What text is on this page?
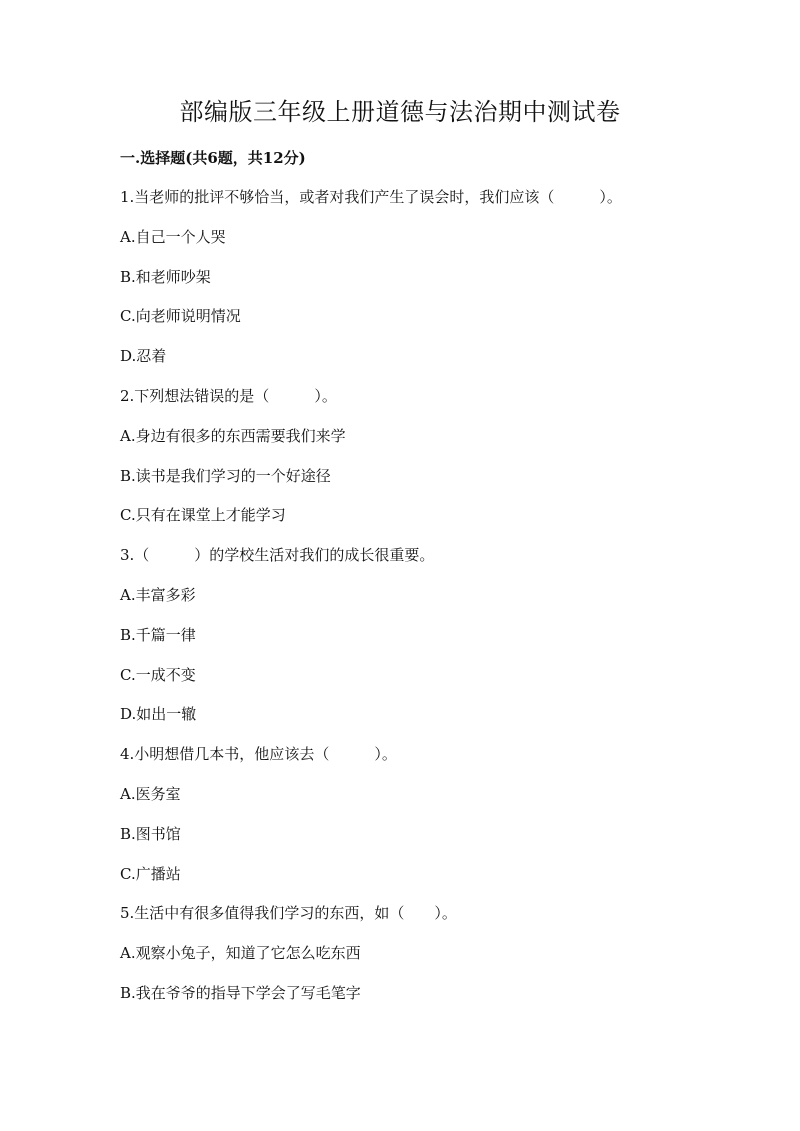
部编版三年级上册道德与法治期中测试卷
一.选择题(共6题，共12分)
1.当老师的批评不够恰当，或者对我们产生了误会时，我们应该（　　　）。
A.自己一个人哭
B.和老师吵架
C.向老师说明情况
D.忍着
2.下列想法错误的是（　　　）。
A.身边有很多的东西需要我们来学
B.读书是我们学习的一个好途径
C.只有在课堂上才能学习
3.（　　　）的学校生活对我们的成长很重要。
A.丰富多彩
B.千篇一律
C.一成不变
D.如出一辙
4.小明想借几本书，他应该去（　　　）。
A.医务室
B.图书馆
C.广播站
5.生活中有很多值得我们学习的东西，如（　　）。
A.观察小兔子，知道了它怎么吃东西
B.我在爷爷的指导下学会了写毛笔字
